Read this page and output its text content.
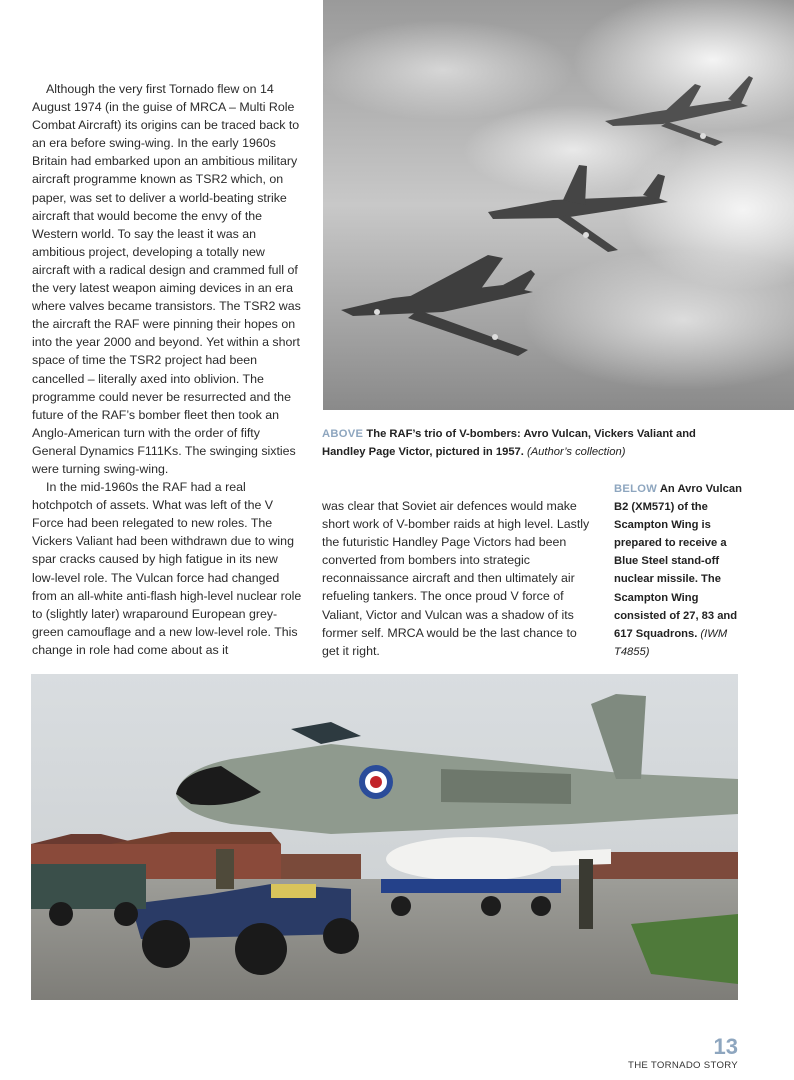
Although the very first Tornado flew on 14 August 1974 (in the guise of MRCA – Multi Role Combat Aircraft) its origins can be traced back to an era before swing-wing. In the early 1960s Britain had embarked upon an ambitious military aircraft programme known as TSR2 which, on paper, was set to deliver a world-beating strike aircraft that would become the envy of the Western world. To say the least it was an ambitious project, developing a totally new aircraft with a radical design and crammed full of the very latest weapon aiming devices in an era where valves became transistors. The TSR2 was the aircraft the RAF were pinning their hopes on into the year 2000 and beyond. Yet within a short space of time the TSR2 project had been cancelled – literally axed into oblivion. The programme could never be resurrected and the future of the RAF’s bomber fleet then took an Anglo-American turn with the order of fifty General Dynamics F111Ks. The swinging sixties were turning swing-wing.

In the mid-1960s the RAF had a real hotchpotch of assets. What was left of the V Force had been relegated to new roles. The Vickers Valiant had been withdrawn due to wing spar cracks caused by high fatigue in its new low-level role. The Vulcan force had changed from an all-white anti-flash high-level nuclear role to (slightly later) wraparound European grey-green camouflage and a new low-level role. This change in role had come about as it

ABOVE The RAF’s trio of V-bombers: Avro Vulcan, Vickers Valiant and Handley Page Victor, pictured in 1957. (Author’s collection)

was clear that Soviet air defences would make short work of V-bomber raids at high level. Lastly the futuristic Handley Page Victors had been converted from bombers into strategic reconnaissance aircraft and then ultimately air refueling tankers. The once proud V force of Valiant, Victor and Vulcan was a shadow of its former self. MRCA would be the last chance to get it right.

BELOW An Avro Vulcan B2 (XM571) of the Scampton Wing is prepared to receive a Blue Steel stand-off nuclear missile. The Scampton Wing consisted of 27, 83 and 617 Squadrons. (IWM T4855)
13
THE TORNADO STORY
